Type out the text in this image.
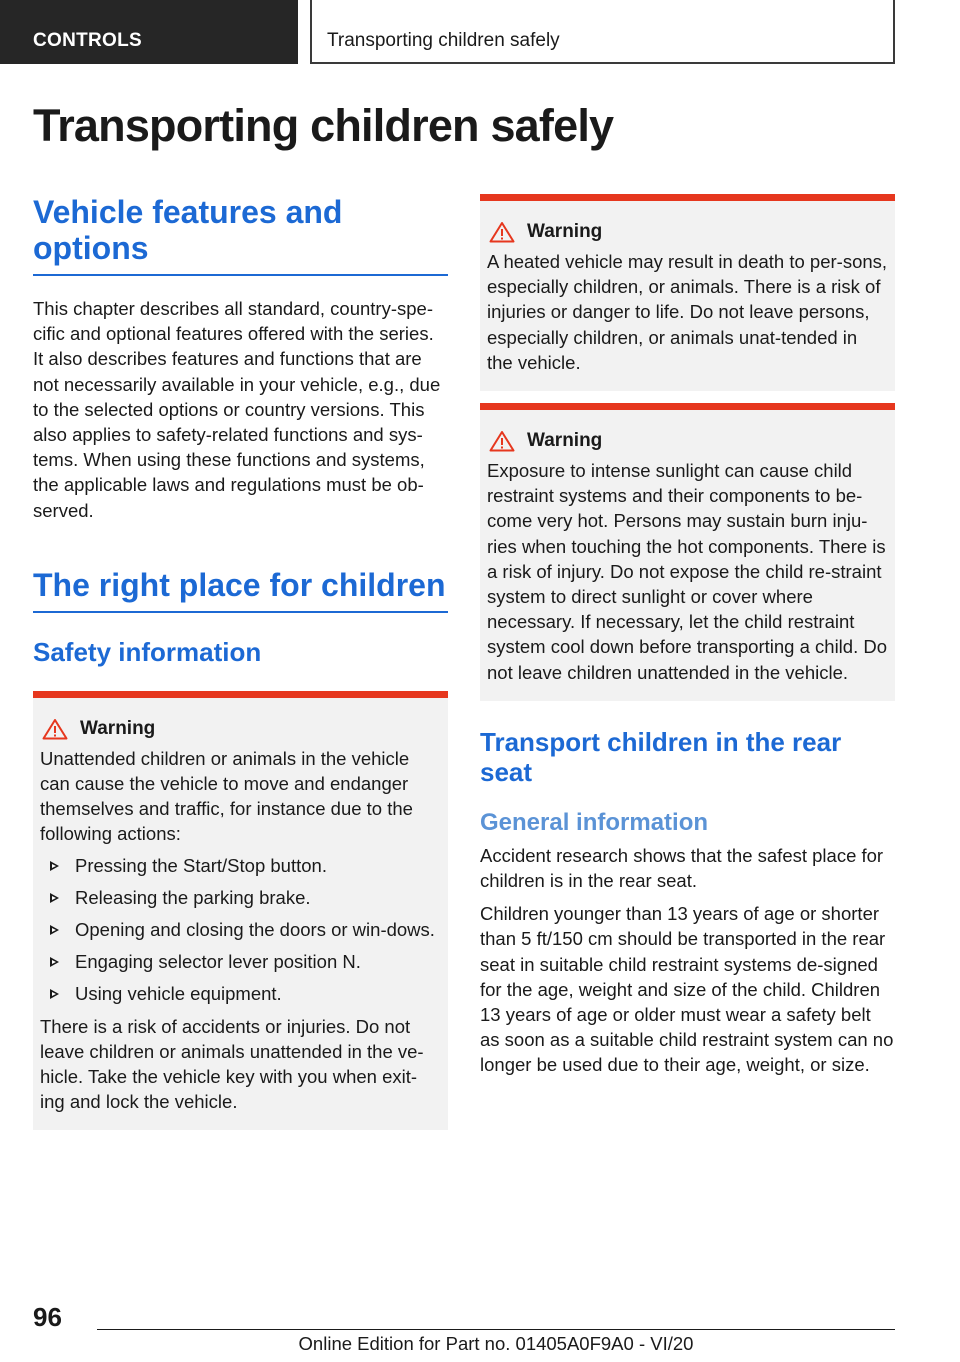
CONTROLS	Transporting children safely
Transporting children safely
Vehicle features and options

This chapter describes all standard, country-spe-cific and optional features offered with the series. It also describes features and functions that are not necessarily available in your vehicle, e.g., due to the selected options or country versions. This also applies to safety-related functions and sys-tems. When using these functions and systems, the applicable laws and regulations must be ob-served.

The right place for children
Safety information
Warning

Unattended children or animals in the vehicle can cause the vehicle to move and endanger themselves and traffic, for instance due to the following actions:

Pressing the Start/Stop button.
Releasing the parking brake.
Opening and closing the doors or win-dows.
Engaging selector lever position N.
Using vehicle equipment.

There is a risk of accidents or injuries. Do not leave children or animals unattended in the ve-hicle. Take the vehicle key with you when exit-ing and lock the vehicle.

Warning

A heated vehicle may result in death to per-sons, especially children, or animals. There is a risk of injuries or danger to life. Do not leave persons, especially children, or animals unat-tended in the vehicle.

Warning

Exposure to intense sunlight can cause child restraint systems and their components to be-come very hot. Persons may sustain burn inju-ries when touching the hot components. There is a risk of injury. Do not expose the child re-straint system to direct sunlight or cover where necessary. If necessary, let the child restraint system cool down before transporting a child. Do not leave children unattended in the vehicle.

Transport children in the rear seat
General information

Accident research shows that the safest place for children is in the rear seat.

Children younger than 13 years of age or shorter than 5 ft/150 cm should be transported in the rear seat in suitable child restraint systems de-signed for the age, weight and size of the child. Children 13 years of age or older must wear a safety belt as soon as a suitable child restraint system can no longer be used due to their age, weight, or size.

96
Online Edition for Part no. 01405A0F9A0 - VI/20
